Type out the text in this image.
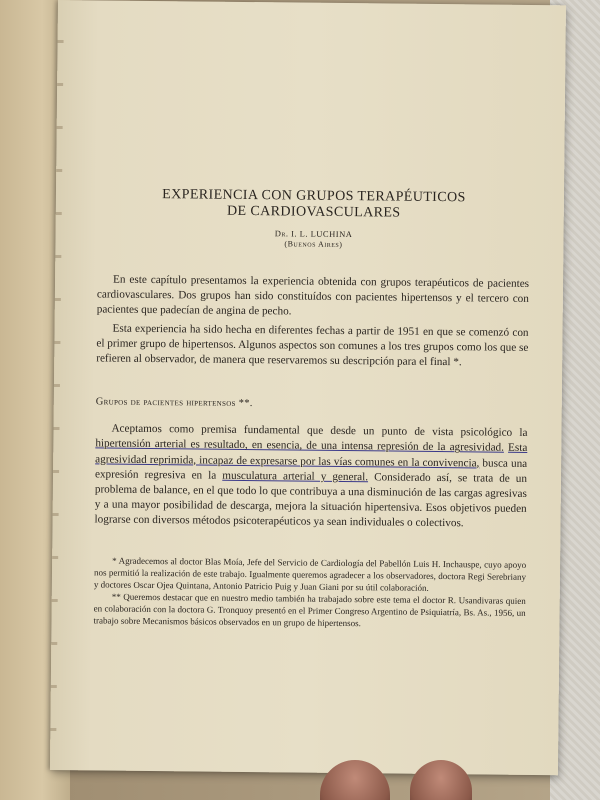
EXPERIENCIA CON GRUPOS TERAPÉUTICOS
DE CARDIOVASCULARES
Dr. I. L. LUCHINA
(Buenos Aires)

En este capítulo presentamos la experiencia obtenida con grupos terapéuticos de pacientes cardiovasculares. Dos grupos han sido constituídos con pacientes hipertensos y el tercero con pacientes que padecían de angina de pecho.

Esta experiencia ha sido hecha en diferentes fechas a partir de 1951 en que se comenzó con el primer grupo de hipertensos. Algunos aspectos son comunes a los tres grupos como los que se refieren al observador, de manera que reservaremos su descripción para el final *.

Grupos de pacientes hipertensos **.

Aceptamos como premisa fundamental que desde un punto de vista psicológico la hipertensión arterial es resultado, en esencia, de una intensa represión de la agresividad. Esta agresividad reprimida, incapaz de expresarse por las vías comunes en la convivencia, busca una expresión regresiva en la musculatura arterial y general. Considerado así, se trata de un problema de balance, en el que todo lo que contribuya a una disminución de las cargas agresivas y a una mayor posibilidad de descarga, mejora la situación hipertensiva. Esos objetivos pueden lograrse con diversos métodos psicoterapéuticos ya sean individuales o colectivos.

* Agradecemos al doctor Blas Moía, Jefe del Servicio de Cardiología del Pabellón Luis H. Inchauspe, cuyo apoyo nos permitió la realización de este trabajo. Igualmente queremos agradecer a los observadores, doctora Regi Serebriany y doctores Oscar Ojea Quintana, Antonio Patricio Puig y Juan Giani por su útil colaboración.

** Queremos destacar que en nuestro medio también ha trabajado sobre este tema el doctor R. Usandivaras quien en colaboración con la doctora G. Tronquoy presentó en el Primer Congreso Argentino de Psiquiatría, Bs. As., 1956, un trabajo sobre Mecanismos básicos observados en un grupo de hipertensos.
